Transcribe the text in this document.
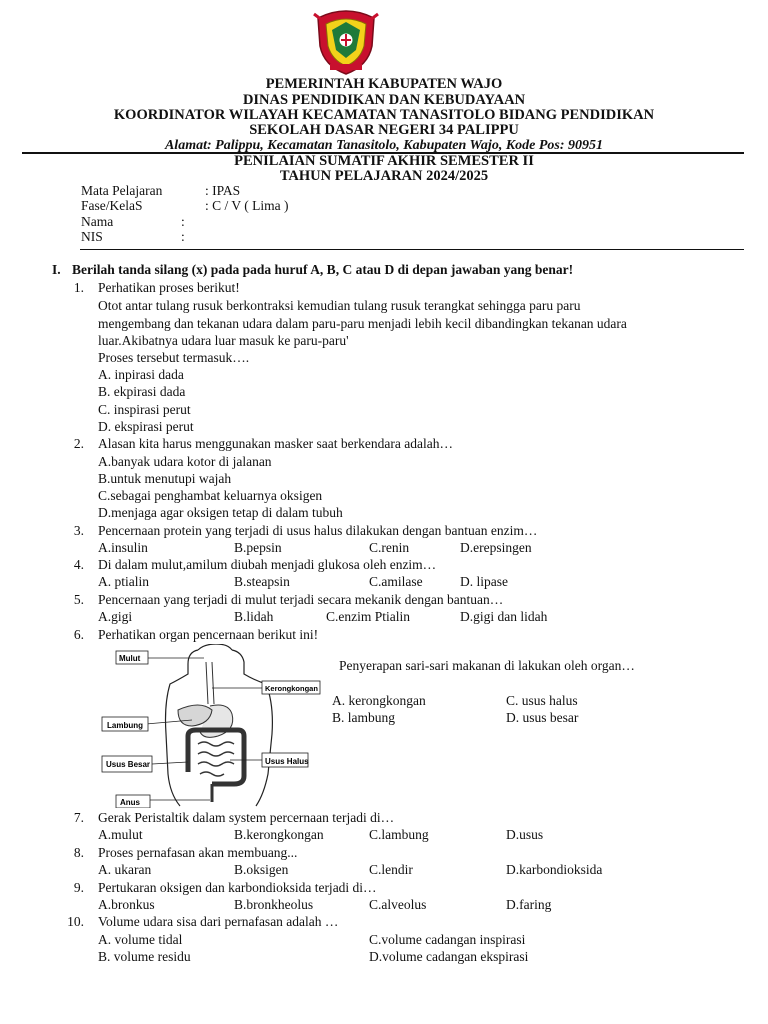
PEMERINTAH KABUPATEN WAJO
DINAS PENDIDIKAN DAN KEBUDAYAAN
KOORDINATOR WILAYAH KECAMATAN TANASITOLO BIDANG PENDIDIKAN
SEKOLAH DASAR NEGERI 34 PALIPPU
Alamat: Palippu, Kecamatan Tanasitolo, Kabupaten Wajo, Kode Pos: 90951
PENILAIAN SUMATIF AKHIR SEMESTER II
TAHUN PELAJARAN 2024/2025
Mata Pelajaran	: IPAS
Fase/KelaS	: C / V ( Lima )
Nama	:
NIS	:
I. Berilah tanda silang (x) pada pada huruf A, B, C atau D di depan jawaban yang benar!
1. Perhatikan proses berikut!
Otot antar tulang rusuk berkontraksi kemudian tulang rusuk terangkat sehingga paru paru
mengembang dan tekanan udara dalam paru-paru menjadi lebih kecil dibandingkan tekanan udara
luar.Akibatnya udara luar masuk ke paru-paru'
Proses tersebut termasuk….
A. inpirasi dada
B. ekpirasi dada
C. inspirasi perut
D. ekspirasi perut
2. Alasan kita harus menggunakan masker saat berkendara adalah…
A.banyak udara kotor di jalanan
B.untuk menutupi wajah
C.sebagai penghambat keluarnya oksigen
D.menjaga agar oksigen tetap di dalam tubuh
3. Pencernaan protein yang terjadi di usus halus dilakukan dengan bantuan enzim…
A.insulin	B.pepsin	C.renin	D.erepsingen
4. Di dalam mulut,amilum diubah menjadi glukosa oleh enzim…
A. ptialin	B.steapsin	C.amilase	D. lipase
5. Pencernaan yang terjadi di mulut terjadi secara mekanik dengan bantuan…
A.gigi	B.lidah	C.enzim Ptialin	D.gigi dan lidah
6. Perhatikan organ pencernaan berikut ini!
Penyerapan sari-sari makanan di lakukan oleh organ…
A. kerongkongan
B. lambung
C. usus halus
D. usus besar
Mulut
Kerongkongan
Lambung
Usus Besar	Usus Halus
Anus
7. Gerak Peristaltik dalam system percernaan terjadi di…
A.mulut	B.kerongkongan	C.lambung	D.usus
8. Proses pernafasan akan membuang...
A. ukaran	B.oksigen	C.lendir	D.karbondioksida
9. Pertukaran oksigen dan karbondioksida terjadi di…
A.bronkus	B.bronkheolus	C.alveolus	D.faring
10. Volume udara sisa dari pernafasan adalah …
A. volume tidal
B. volume residu
C.volume cadangan inspirasi
D.volume cadangan ekspirasi
